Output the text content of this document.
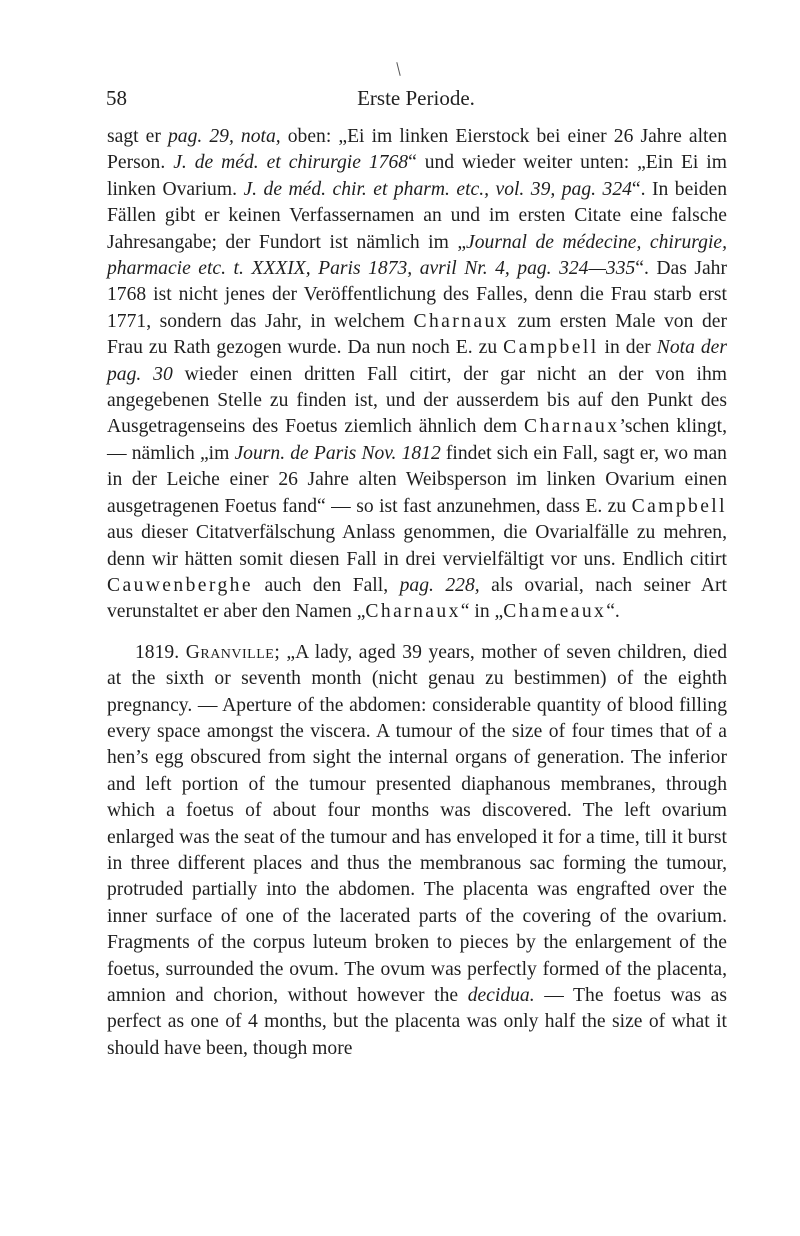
58	Erste Periode.

sagt er pag. 29, nota, oben: „Ei im linken Eierstock bei einer 26 Jahre alten Person. J. de méd. et chirurgie 1768“ und wieder weiter unten: „Ein Ei im linken Ovarium. J. de méd. chir. et pharm. etc., vol. 39, pag. 324“. In beiden Fällen gibt er keinen Verfassernamen an und im ersten Citate eine falsche Jahresangabe; der Fundort ist nämlich im „Journal de médecine, chirurgie, pharmacie etc. t. XXXIX, Paris 1873, avril Nr. 4, pag. 324—335“. Das Jahr 1768 ist nicht jenes der Veröffentlichung des Falles, denn die Frau starb erst 1771, sondern das Jahr, in welchem Charnaux zum ersten Male von der Frau zu Rath gezogen wurde. Da nun noch E. zu Campbell in der Nota der pag. 30 wieder einen dritten Fall citirt, der gar nicht an der von ihm angegebenen Stelle zu finden ist, und der ausserdem bis auf den Punkt des Ausgetragenseins des Foetus ziemlich ähnlich dem Charnaux’schen klingt, — nämlich „im Journ. de Paris Nov. 1812 findet sich ein Fall, sagt er, wo man in der Leiche einer 26 Jahre alten Weibsperson im linken Ovarium einen ausgetragenen Foetus fand“ — so ist fast anzunehmen, dass E. zu Campbell aus dieser Citatverfälschung Anlass genommen, die Ovarialfälle zu mehren, denn wir hätten somit diesen Fall in drei vervielfältigt vor uns. Endlich citirt Cauwenberghe auch den Fall, pag. 228, als ovarial, nach seiner Art verunstaltet er aber den Namen „Charnaux“ in „Chameaux“.

1819. Granville; „A lady, aged 39 years, mother of seven children, died at the sixth or seventh month (nicht genau zu bestimmen) of the eighth pregnancy. — Aperture of the abdomen: considerable quantity of blood filling every space amongst the viscera. A tumour of the size of four times that of a hen’s egg obscured from sight the internal organs of generation. The inferior and left portion of the tumour presented diaphanous membranes, through which a foetus of about four months was discovered. The left ovarium enlarged was the seat of the tumour and has enveloped it for a time, till it burst in three different places and thus the membranous sac forming the tumour, protruded partially into the abdomen. The placenta was engrafted over the inner surface of one of the lacerated parts of the covering of the ovarium. Fragments of the corpus luteum broken to pieces by the enlargement of the foetus, surrounded the ovum. The ovum was perfectly formed of the placenta, amnion and chorion, without however the decidua. — The foetus was as perfect as one of 4 months, but the placenta was only half the size of what it should have been, though more
